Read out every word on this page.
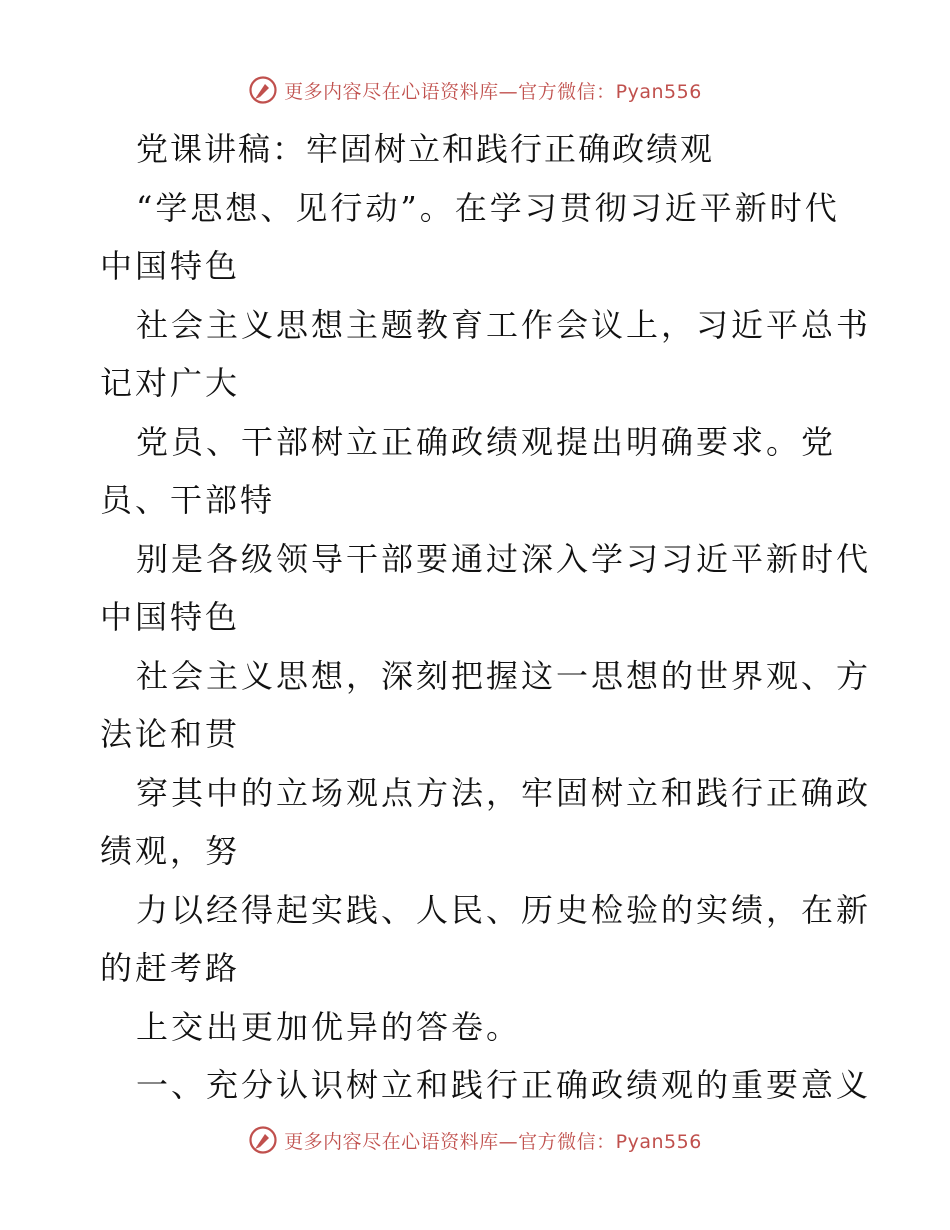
更多内容尽在心语资料库—官方微信：Pyan556
党课讲稿：牢固树立和践行正确政绩观
“学思想、见行动”。在学习贯彻习近平新时代
中国特色
社会主义思想主题教育工作会议上，习近平总书
记对广大
党员、干部树立正确政绩观提出明确要求。党
员、干部特
别是各级领导干部要通过深入学习习近平新时代
中国特色
社会主义思想，深刻把握这一思想的世界观、方
法论和贯
穿其中的立场观点方法，牢固树立和践行正确政
绩观，努
力以经得起实践、人民、历史检验的实绩，在新
的赶考路
上交出更加优异的答卷。
一、充分认识树立和践行正确政绩观的重要意义
更多内容尽在心语资料库—官方微信：Pyan556
